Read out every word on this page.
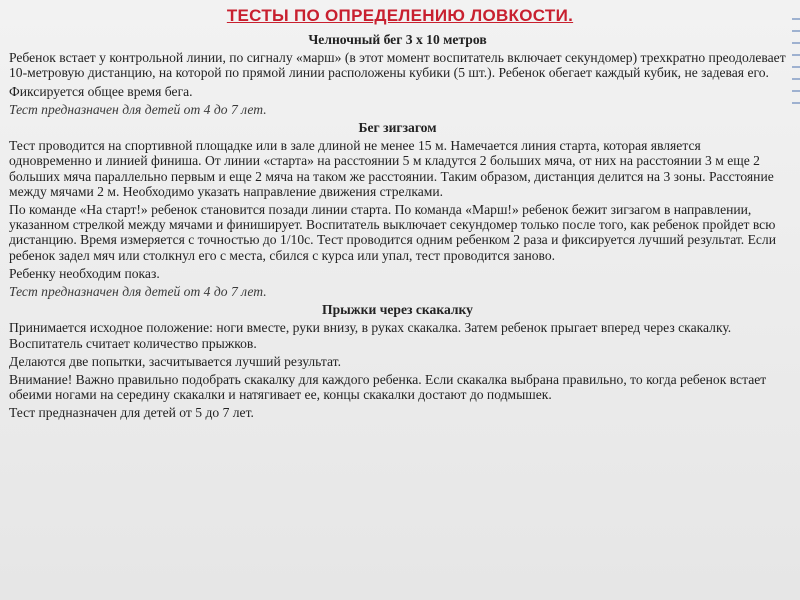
ТЕСТЫ ПО ОПРЕДЕЛЕНИЮ ЛОВКОСТИ.
Челночный бег 3 х 10 метров

Ребенок встает у контрольной линии, по сигналу «марш» (в этот момент воспитатель включает секундомер) трехкратно преодолевает 10-метровую дистанцию, на которой по прямой линии расположены кубики (5 шт.). Ребенок обегает каждый кубик, не задевая его.

Фиксируется общее время бега.

Тест предназначен для детей от 4 до 7 лет.

Бег зигзагом

Тест проводится на спортивной площадке или в зале длиной не менее 15 м. Намечается линия старта, которая является одновременно и линией финиша. От линии «старта» на расстоянии 5 м кладутся 2 больших мяча, от них на расстоянии 3 м еще 2 больших мяча параллельно первым и еще 2 мяча на таком же расстоянии. Таким образом, дистанция делится на 3 зоны. Расстояние между мячами 2 м. Необходимо указать направление движения стрелками.

По команде «На старт!» ребенок становится позади линии старта. По команда «Марш!» ребенок бежит зигзагом в направлении, указанном стрелкой между мячами и финиширует. Воспитатель выключает секундомер только после того, как ребенок пройдет всю дистанцию. Время измеряется с точностью до 1/10с. Тест проводится одним ребенком 2 раза и фиксируется лучший результат. Если ребенок задел мяч или столкнул его с места, сбился с курса или упал, тест проводится заново.

Ребенку необходим показ.

Тест предназначен для детей от 4 до 7 лет.

Прыжки через скакалку

Принимается исходное положение: ноги вместе, руки внизу, в руках скакалка. Затем ребенок прыгает вперед через скакалку. Воспитатель считает количество прыжков.

Делаются две попытки, засчитывается лучший результат.

Внимание! Важно правильно подобрать скакалку для каждого ребенка. Если скакалка выбрана правильно, то когда ребенок встает обеими ногами на середину скакалки и натягивает ее, концы скакалки достают до подмышек.

Тест предназначен для детей от 5 до 7 лет.
